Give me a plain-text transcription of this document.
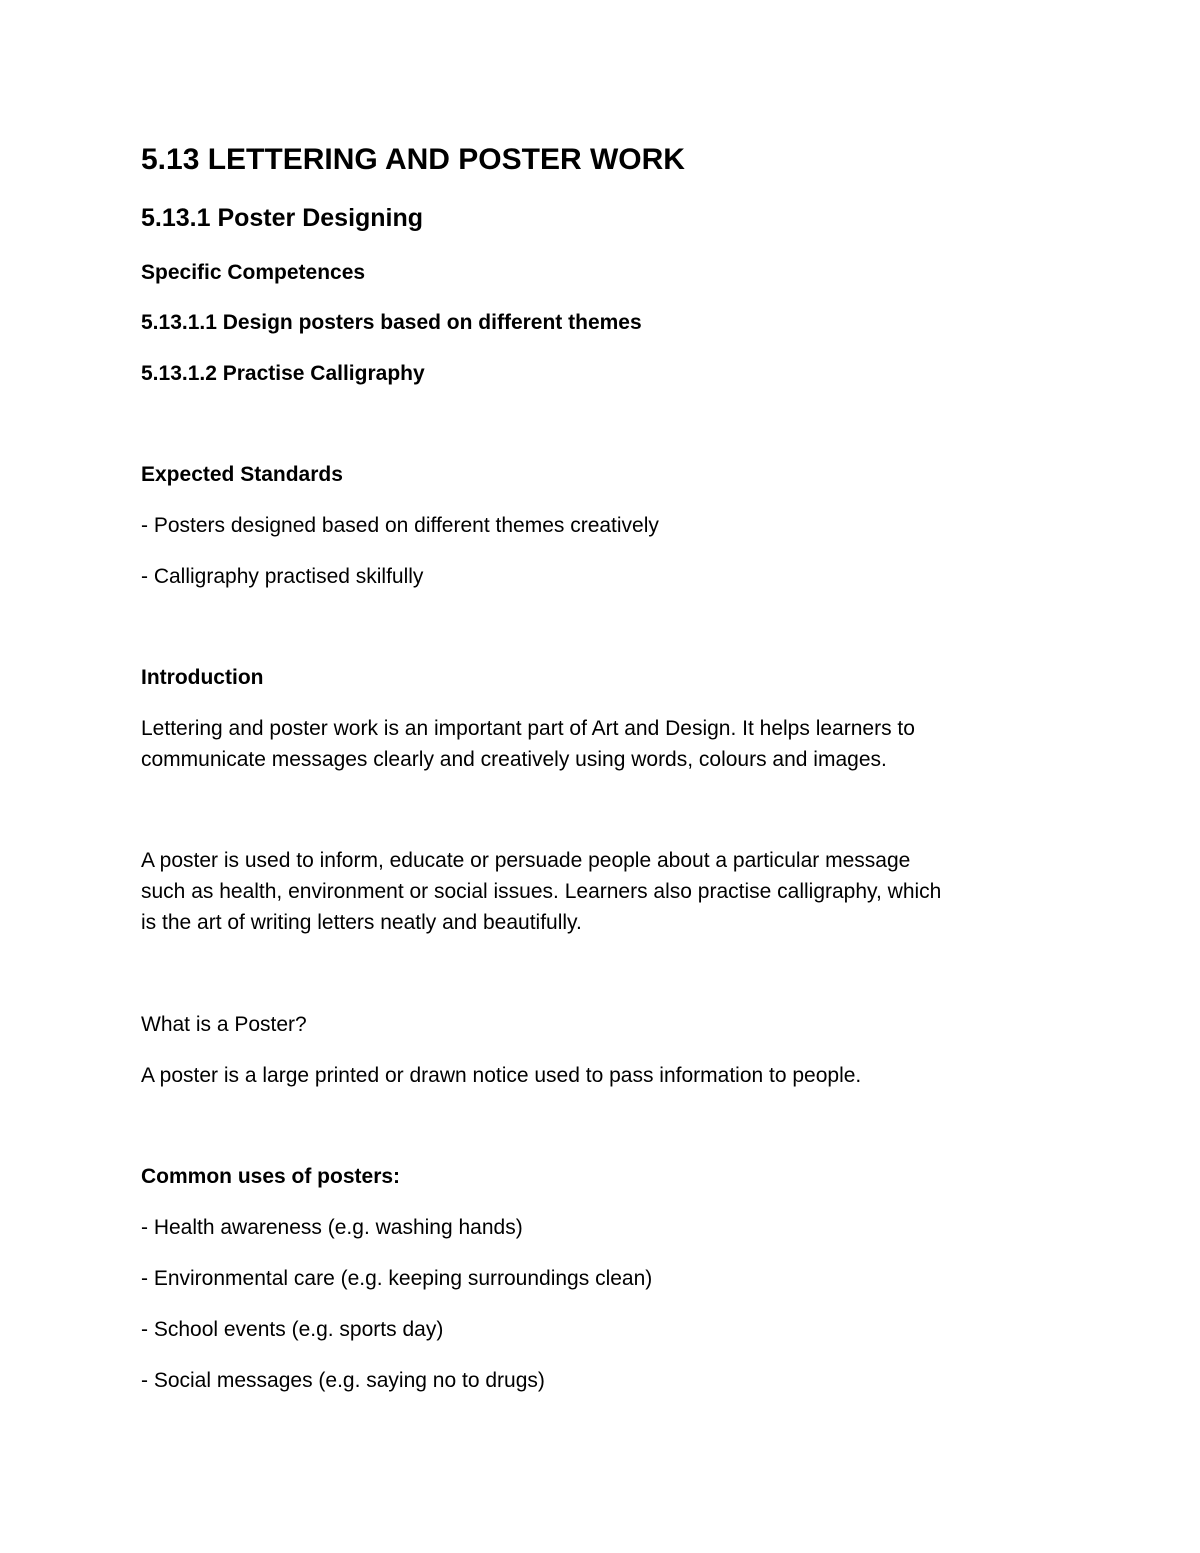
5.13 LETTERING AND POSTER WORK
5.13.1 Poster Designing
Specific Competences
5.13.1.1 Design posters based on different themes
5.13.1.2 Practise Calligraphy
Expected Standards
- Posters designed based on different themes creatively
- Calligraphy practised skilfully
Introduction
Lettering and poster work is an important part of Art and Design. It helps learners to
communicate messages clearly and creatively using words, colours and images.
A poster is used to inform, educate or persuade people about a particular message
such as health, environment or social issues. Learners also practise calligraphy, which
is the art of writing letters neatly and beautifully.
What is a Poster?
A poster is a large printed or drawn notice used to pass information to people.
Common uses of posters:
- Health awareness (e.g. washing hands)
- Environmental care (e.g. keeping surroundings clean)
- School events (e.g. sports day)
- Social messages (e.g. saying no to drugs)
